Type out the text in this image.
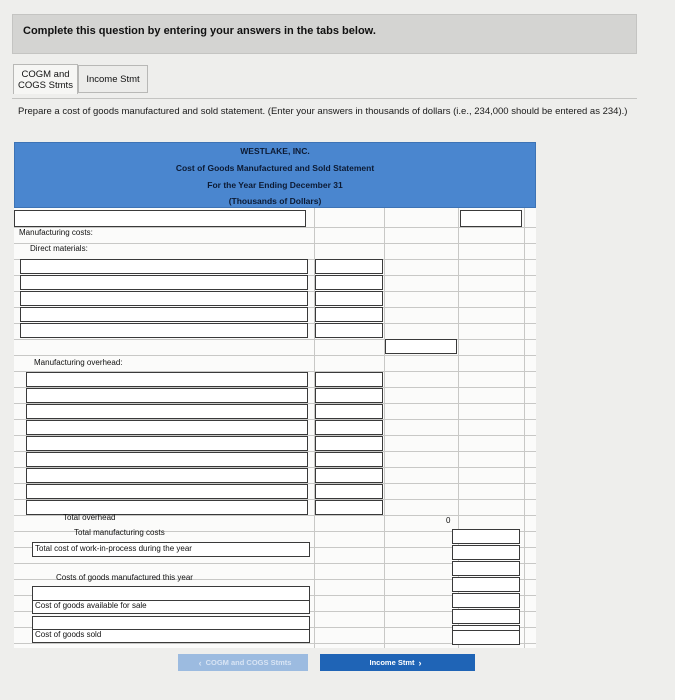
Complete this question by entering your answers in the tabs below.
COGM and
COGS Stmts
Income Stmt
Prepare a cost of goods manufactured and sold statement. (Enter your answers in thousands of dollars (i.e., 234,000 should be entered as 234).)
WESTLAKE, INC.
Cost of Goods Manufactured and Sold Statement
For the Year Ending December 31
(Thousands of Dollars)
Manufacturing costs:
Direct materials:
Manufacturing overhead:
Total overhead	0
Total manufacturing costs
Total cost of work-in-process during the year
Costs of goods manufactured this year
Cost of goods available for sale
Cost of goods sold
‹ COGM and COGS Stmts	Income Stmt ›
